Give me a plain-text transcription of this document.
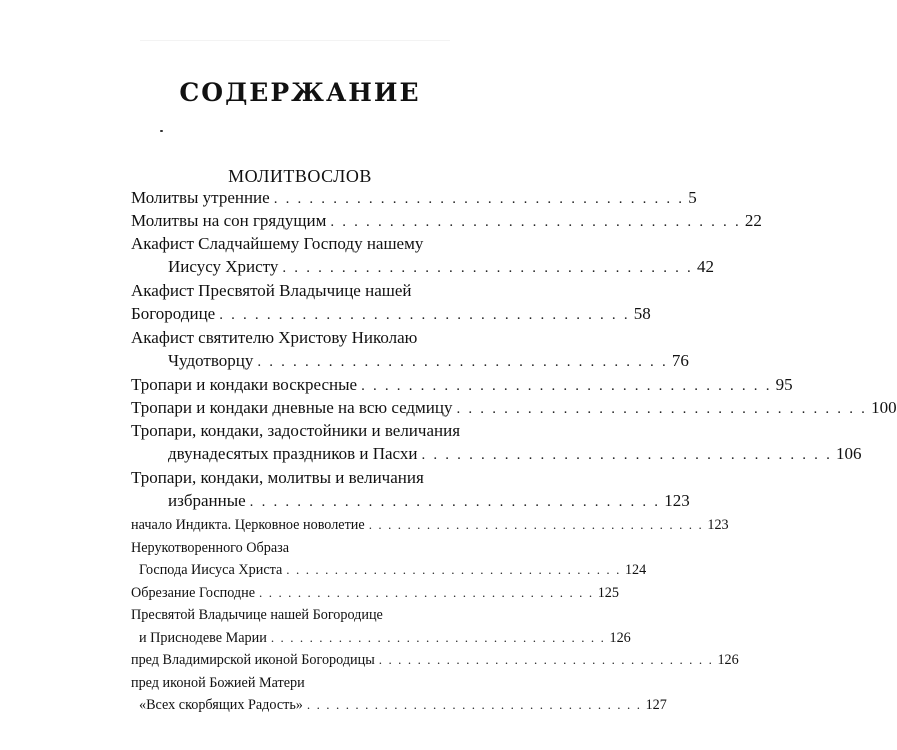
СОДЕРЖАНИЕ
МОЛИТВОСЛОВ
Молитвы утренние . . . . . . . . . . . . . . . . . . . . . . . . . . . . . . . . . . . 5
Молитвы на сон грядущим . . . . . . . . . . . . . . . . . . . . . . . . . . . . . . . . . . . 22
Акафист Сладчайшему Господу нашему
Иисусу Христу . . . . . . . . . . . . . . . . . . . . . . . . . . . . . . . . . . . 42
Акафист Пресвятой Владычице нашей
Богородице . . . . . . . . . . . . . . . . . . . . . . . . . . . . . . . . . . . 58
Акафист святителю Христову Николаю
Чудотворцу . . . . . . . . . . . . . . . . . . . . . . . . . . . . . . . . . . . 76
Тропари и кондаки воскресные . . . . . . . . . . . . . . . . . . . . . . . . . . . . . . . . . . . 95
Тропари и кондаки дневные на всю седмицу . . . . . . . . . . . . . . . . . . . . . . . . . . . . . . . . . . . 100
Тропари, кондаки, задостойники и величания
двунадесятых праздников и Пасхи . . . . . . . . . . . . . . . . . . . . . . . . . . . . . . . . . . . 106
Тропари, кондаки, молитвы и величания
избранные . . . . . . . . . . . . . . . . . . . . . . . . . . . . . . . . . . . 123
начало Индикта. Церковное новолетие . . . . . . . . . . . . . . . . . . . . . . . . . . . . . . . . . . . 123
Нерукотворенного Образа
Господа Иисуса Христа . . . . . . . . . . . . . . . . . . . . . . . . . . . . . . . . . . . 124
Обрезание Господне . . . . . . . . . . . . . . . . . . . . . . . . . . . . . . . . . . . 125
Пресвятой Владычице нашей Богородице
и Приснодеве Марии . . . . . . . . . . . . . . . . . . . . . . . . . . . . . . . . . . . 126
пред Владимирской иконой Богородицы . . . . . . . . . . . . . . . . . . . . . . . . . . . . . . . . . . . 126
пред иконой Божией Матери
«Всех скорбящих Радость» . . . . . . . . . . . . . . . . . . . . . . . . . . . . . . . . . . . 127
